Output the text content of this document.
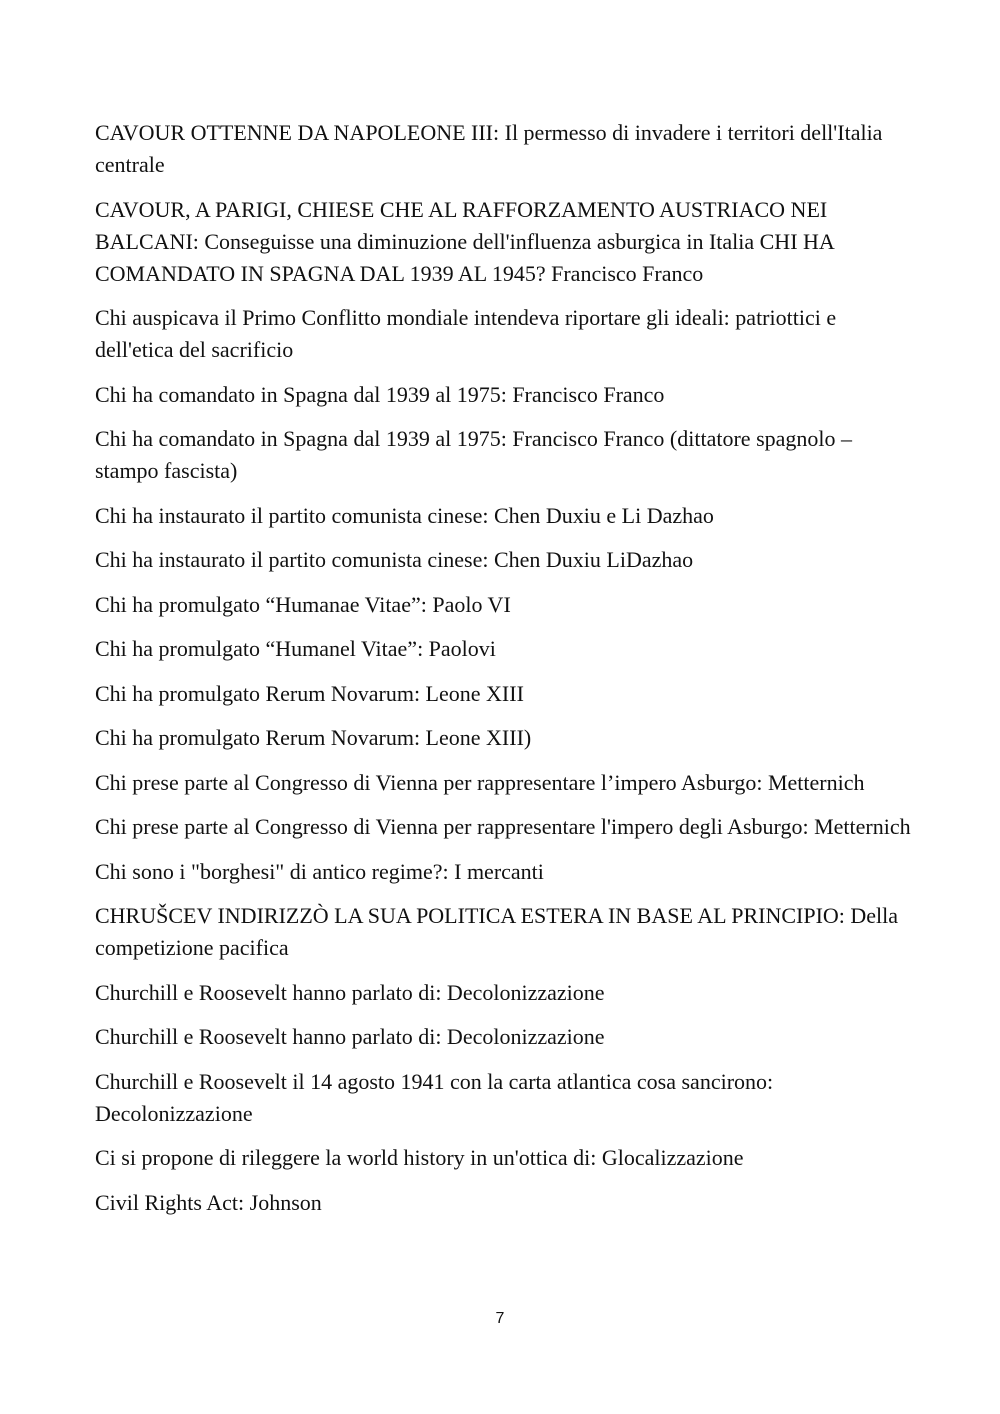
CAVOUR OTTENNE DA NAPOLEONE III: Il permesso di invadere i territori dell'Italia centrale

CAVOUR, A PARIGI, CHIESE CHE AL RAFFORZAMENTO AUSTRIACO NEI BALCANI: Conseguisse una diminuzione dell'influenza asburgica in Italia CHI HA COMANDATO IN SPAGNA DAL 1939 AL 1945? Francisco Franco

Chi auspicava il Primo Conflitto mondiale intendeva riportare gli ideali: patriottici e dell'etica del sacrificio

Chi ha comandato in Spagna dal 1939 al 1975: Francisco Franco

Chi ha comandato in Spagna dal 1939 al 1975: Francisco Franco (dittatore spagnolo – stampo fascista)

Chi ha instaurato il partito comunista cinese: Chen Duxiu e Li Dazhao

Chi ha instaurato il partito comunista cinese: Chen Duxiu LiDazhao

Chi ha promulgato “Humanae Vitae”: Paolo VI

Chi ha promulgato “Humanel Vitae”: Paolovi

Chi ha promulgato Rerum Novarum: Leone XIII

Chi ha promulgato Rerum Novarum: Leone XIII)

Chi prese parte al Congresso di Vienna per rappresentare l’impero Asburgo: Metternich

Chi prese parte al Congresso di Vienna per rappresentare l'impero degli Asburgo: Metternich

Chi sono i "borghesi" di antico regime?: I mercanti

CHRUŠCEV INDIRIZZÒ LA SUA POLITICA ESTERA IN BASE AL PRINCIPIO: Della competizione pacifica

Churchill e Roosevelt hanno parlato di: Decolonizzazione

Churchill e Roosevelt hanno parlato di: Decolonizzazione

Churchill e Roosevelt il 14 agosto 1941 con la carta atlantica cosa sancirono: Decolonizzazione

Ci si propone di rileggere la world history in un'ottica di: Glocalizzazione

Civil Rights Act: Johnson

7
